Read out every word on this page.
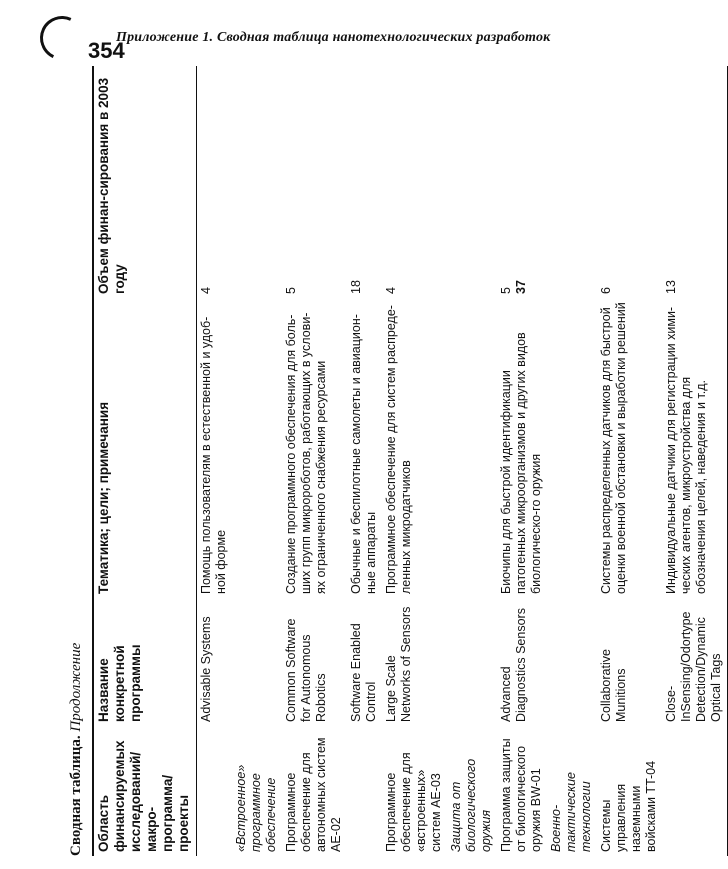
354
Приложение 1. Сводная таблица нанотехнологических разработок
Сводная таблица. Продолжение
Область финансируемых исследований/макро-программа/проекты	Название конкретной программы	Тематика; цели; примечания	Объем финан-сирования в 2003 году
	Advisable Systems	Помощь пользователям в естественной и удоб-ной форме	4
«Встроенное» программное обеспечение			
Программное обеспечение для автономных систем AE-02	Common Software for Autonomous Robotics	Создание программного обеспечения для боль-ших групп микророботов, работающих в услови-ях ограниченного снабжения ресурсами	5
	Software Enabled Control	Обычные и беспилотные самолеты и авиацион-ные аппараты	18
Программное обеспечение для «встроенных» систем AE-03	Large Scale Networks of Sensors	Программное обеспечение для систем распреде-ленных микродатчиков	4
Защита от биологического оружия			
Программа защиты от биологического оружия BW-01	Advanced Diagnostics Sensors	Биочипы для быстрой идентификации патогенных микроорганизмов и других видов биологическо-го оружия	5 37

Военно-тактические технологии			
Системы управления наземными войсками TT-04	Collaborative Munitions	Системы распределенных датчиков для быстрой оценки военной обстановки и выработки решений	6
	Close-InSensing/Odortype Detection/Dynamic Optical Tags	Индивидуальные датчики для регистрации хими-ческих агентов, микроустройства для обозначения целей, наведения и т.д.	13
